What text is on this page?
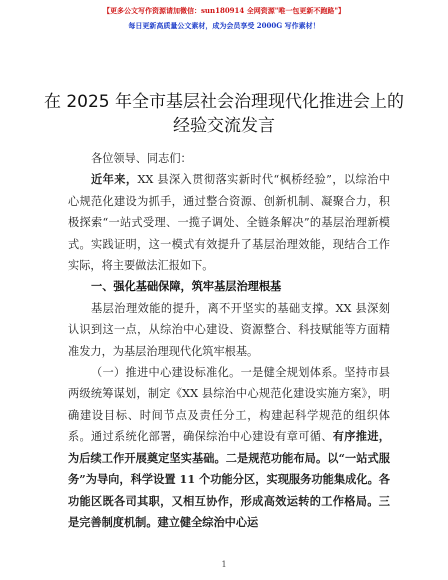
【更多公文写作资源请加微信：sun180914 全网资源"唯一包更新不跑路"】
每日更新高质量公文素材，成为会员享受 2000G 写作素材！
在 2025 年全市基层社会治理现代化推进会上的
经验交流发言

各位领导、同志们：

近年来，XX 县深入贯彻落实新时代“枫桥经验”，以综治中心规范化建设为抓手，通过整合资源、创新机制、凝聚合力，积极探索“一站式受理、一揽子调处、全链条解决”的基层治理新模式。实践证明，这一模式有效提升了基层治理效能，现结合工作实际，将主要做法汇报如下。

一、强化基础保障，筑牢基层治理根基

基层治理效能的提升，离不开坚实的基础支撑。XX 县深刻认识到这一点，从综治中心建设、资源整合、科技赋能等方面精准发力，为基层治理现代化筑牢根基。

（一）推进中心建设标准化。一是健全规划体系。坚持市县两级统筹谋划，制定《XX 县综治中心规范化建设实施方案》，明确建设目标、时间节点及责任分工，构建起科学规范的组织体系。通过系统化部署，确保综治中心建设有章可循、有序推进，为后续工作开展奠定坚实基础。二是规范功能布局。以“一站式服务”为导向，科学设置 11 个功能分区，实现服务功能集成化。各功能区既各司其职，又相互协作，形成高效运转的工作格局。三是完善制度机制。建立健全综治中心运

1
